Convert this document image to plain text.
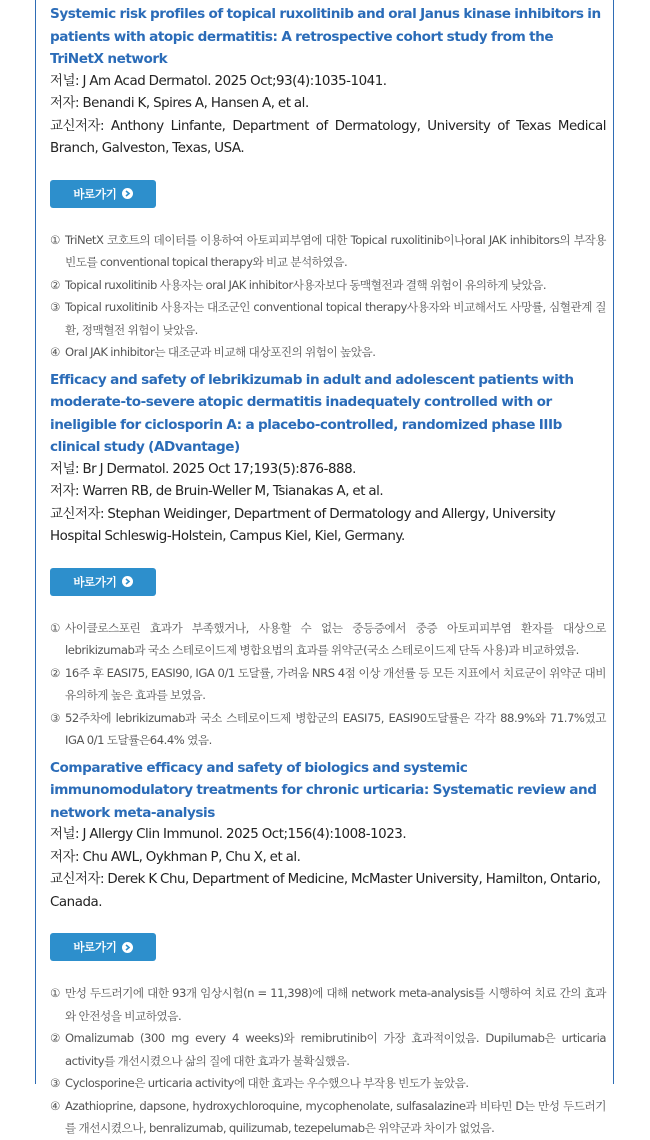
Systemic risk profiles of topical ruxolitinib and oral Janus kinase inhibitors in patients with atopic dermatitis: A retrospective cohort study from the TriNetX network

저널: J Am Acad Dermatol. 2025 Oct;93(4):1035-1041.

저자: Benandi K, Spires A, Hansen A, et al.

교신저자: Anthony Linfante, Department of Dermatology, University of Texas Medical Branch, Galveston, Texas, USA.

바로가기
① TriNetX 코호트의 데이터를 이용하여 아토피피부염에 대한 Topical ruxolitinib이나oral JAK inhibitors의 부작용 빈도를 conventional topical therapy와 비교 분석하였음.
② Topical ruxolitinib 사용자는 oral JAK inhibitor사용자보다 동맥혈전과 결핵 위험이 유의하게 낮았음.
③ Topical ruxolitinib 사용자는 대조군인 conventional topical therapy사용자와 비교해서도 사망률, 심혈관계 질환, 정맥혈전 위험이 낮았음.
④ Oral JAK inhibitor는 대조군과 비교해 대상포진의 위험이 높았음.
Efficacy and safety of lebrikizumab in adult and adolescent patients with moderate-to-severe atopic dermatitis inadequately controlled with or ineligible for ciclosporin A: a placebo-controlled, randomized phase IIIb clinical study (ADvantage)

저널: Br J Dermatol. 2025 Oct 17;193(5):876-888.

저자: Warren RB, de Bruin-Weller M, Tsianakas A, et al.

교신저자: Stephan Weidinger, Department of Dermatology and Allergy, University Hospital Schleswig-Holstein, Campus Kiel, Kiel, Germany.

바로가기
① 사이클로스포린 효과가 부족했거나, 사용할 수 없는 중등증에서 중증 아토피피부염 환자를 대상으로 lebrikizumab과 국소 스테로이드제 병합요법의 효과를 위약군(국소 스테로이드제 단독 사용)과 비교하였음.
② 16주 후 EASI75, EASI90, IGA 0/1 도달률, 가려움 NRS 4점 이상 개선률 등 모든 지표에서 치료군이 위약군 대비 유의하게 높은 효과를 보였음.
③ 52주차에 lebrikizumab과 국소 스테로이드제 병합군의 EASI75, EASI90도달률은 각각 88.9%와 71.7%였고 IGA 0/1 도달률은64.4% 였음.
Comparative efficacy and safety of biologics and systemic immunomodulatory treatments for chronic urticaria: Systematic review and network meta-analysis

저널: J Allergy Clin Immunol. 2025 Oct;156(4):1008-1023.

저자: Chu AWL, Oykhman P, Chu X, et al.

교신저자: Derek K Chu, Department of Medicine, McMaster University, Hamilton, Ontario, Canada.

바로가기
① 만성 두드러기에 대한 93개 임상시험(n = 11,398)에 대해 network meta-analysis를 시행하여 치료 간의 효과와 안전성을 비교하였음.
② Omalizumab (300 mg every 4 weeks)와 remibrutinib이 가장 효과적이었음. Dupilumab은 urticaria activity를 개선시켰으나 삶의 질에 대한 효과가 불확실했음.
③ Cyclosporine은 urticaria activity에 대한 효과는 우수했으나 부작용 빈도가 높았음.
④ Azathioprine, dapsone, hydroxychloroquine, mycophenolate, sulfasalazine과 비타민 D는 만성 두드러기를 개선시켰으나, benralizumab, quilizumab, tezepelumab은 위약군과 차이가 없었음.
